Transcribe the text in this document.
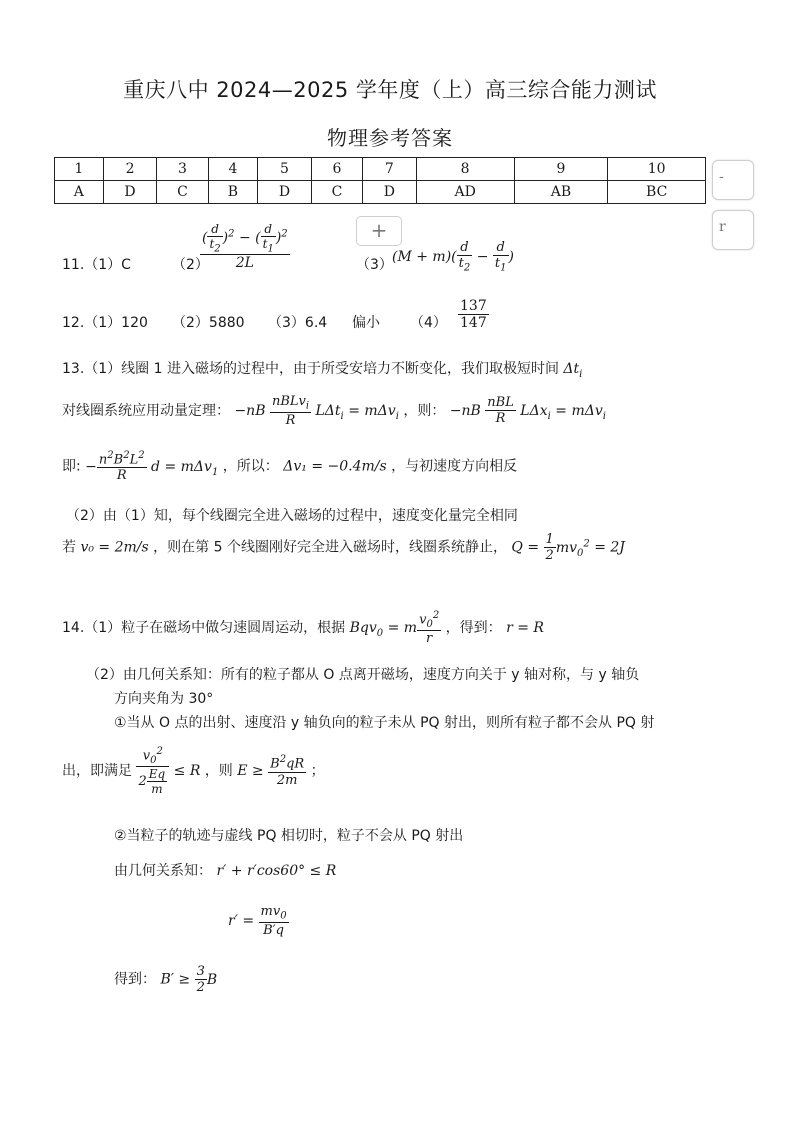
重庆八中 2024—2025 学年度（上）高三综合能力测试
物理参考答案
1	2	3	4	5	6	7	8	9	10
A	D	C	B	D	C	D	AD	AB	BC
-
r
+
11.（1）C	（2）
$\frac{( \frac{d}{t_2} )^2 - ( \frac{d}{t_1} )^2}{2L}$	（3）
$(M + m)( \frac{d}{t_2} - \frac{d}{t_1}$ )
12.（1）120 （2）5880 （3）6.4 偏小 $(4) \frac{137}{147}$
13.（1）线圈 1 进入磁场的过程中，由于所受安培力不断变化，我们取极短时间 $\Delta t_i$
对线圈系统应用动量定理： $-nB \frac{nBLv_i}{R} L\Delta t_i = m\Delta v_i$ ，则： $-nB \frac{\text{nBL}}{R} L\Delta x_i = m\Delta v_i$
即: − $\frac{n^2B^2L^2}{R}$ d = mΔv$_1$ ，所以： Δv₁ = −0.4m/s ，与初速度方向相反
（2）由（1）知，每个线圈完全进入磁场的过程中，速度变化量完全相同
若 v₀ = 2m/s ，则在第 5 个线圈刚好完全进入磁场时，线圈系统静止， $Q = \frac{1}{2} mv_0^2 = 2J$
14.（1）粒子在磁场中做匀速圆周运动，根据 Bqv$_0$ = m $\frac{v_0^2}{r}$ ，得到： r = R
（2）由几何关系知：所有的粒子都从 O 点离开磁场，速度方向关于 y 轴对称，与 y 轴负
方向夹角为 30°
①当从 O 点的出射、速度沿 y 轴负向的粒子未从 PQ 射出，则所有粒子都不会从 PQ 射
出，即满足 $\frac{v_0^2}{2 \frac{Eq}{m}} \le R$ ，则 $E \ge \frac{B^2qR}{2m}$ ；
②当粒子的轨迹与虚线 PQ 相切时，粒子不会从 PQ 射出
由几何关系知： r′ + r′cos60° ≤ R
$r' = \frac{mv_0}{B'q}$
得到： $B' \ge \frac{3}{2}$ B
